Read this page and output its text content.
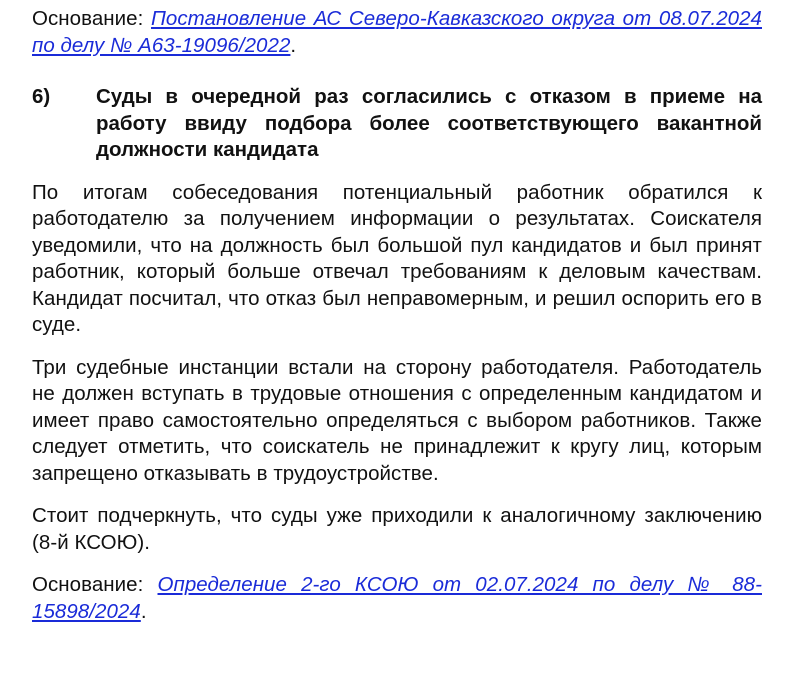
Основание: Постановление АС Северо-Кавказского округа от 08.07.2024 по делу № А63-19096/2022.

6)	Суды в очередной раз согласились с отказом в приеме на работу ввиду подбора более соответствующего вакантной должности кандидата

По итогам собеседования потенциальный работник обратился к работодателю за получением информации о результатах. Соискателя уведомили, что на должность был большой пул кандидатов и был принят работник, который больше отвечал требованиям к деловым качествам. Кандидат посчитал, что отказ был неправомерным, и решил оспорить его в суде.

Три судебные инстанции встали на сторону работодателя. Работодатель не должен вступать в трудовые отношения с определенным кандидатом и имеет право самостоятельно определяться с выбором работников. Также следует отметить, что соискатель не принадлежит к кругу лиц, которым запрещено отказывать в трудоустройстве.

Стоит подчеркнуть, что суды уже приходили к аналогичному заключению (8-й КСОЮ).

Основание: Определение 2-го КСОЮ от 02.07.2024 по делу № 88-15898/2024.
